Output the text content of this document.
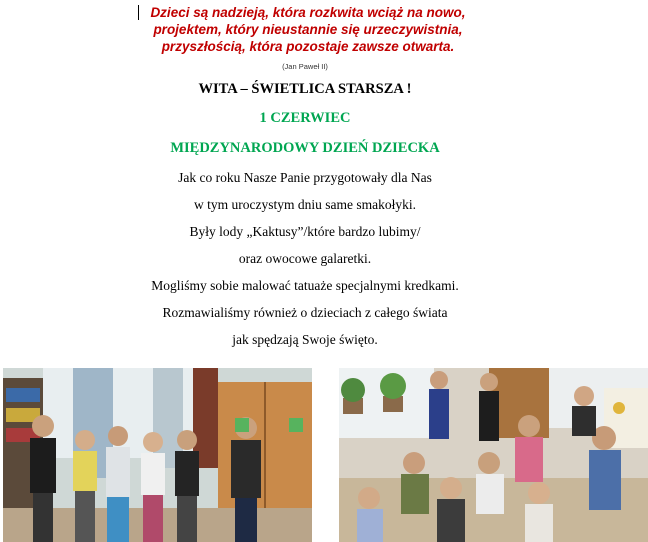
Dzieci są nadzieją, która rozkwita wciąż na nowo,
projektem, który nieustannie się urzeczywistnia,
przyszłością, która pozostaje zawsze otwarta.
(Jan Paweł II)
WITA – ŚWIETLICA STARSZA !
1 CZERWIEC
MIĘDZYNARODOWY DZIEŃ DZIECKA
Jak co roku Nasze Panie przygotowały dla Nas
w tym uroczystym dniu same smakołyki.
Były lody „Kaktusy”/które bardzo lubimy/
oraz owocowe galaretki.
Mogliśmy sobie malować tatuaże specjalnymi kredkami.
Rozmawialiśmy również o dzieciach z całego świata
jak spędzają Swoje święto.
